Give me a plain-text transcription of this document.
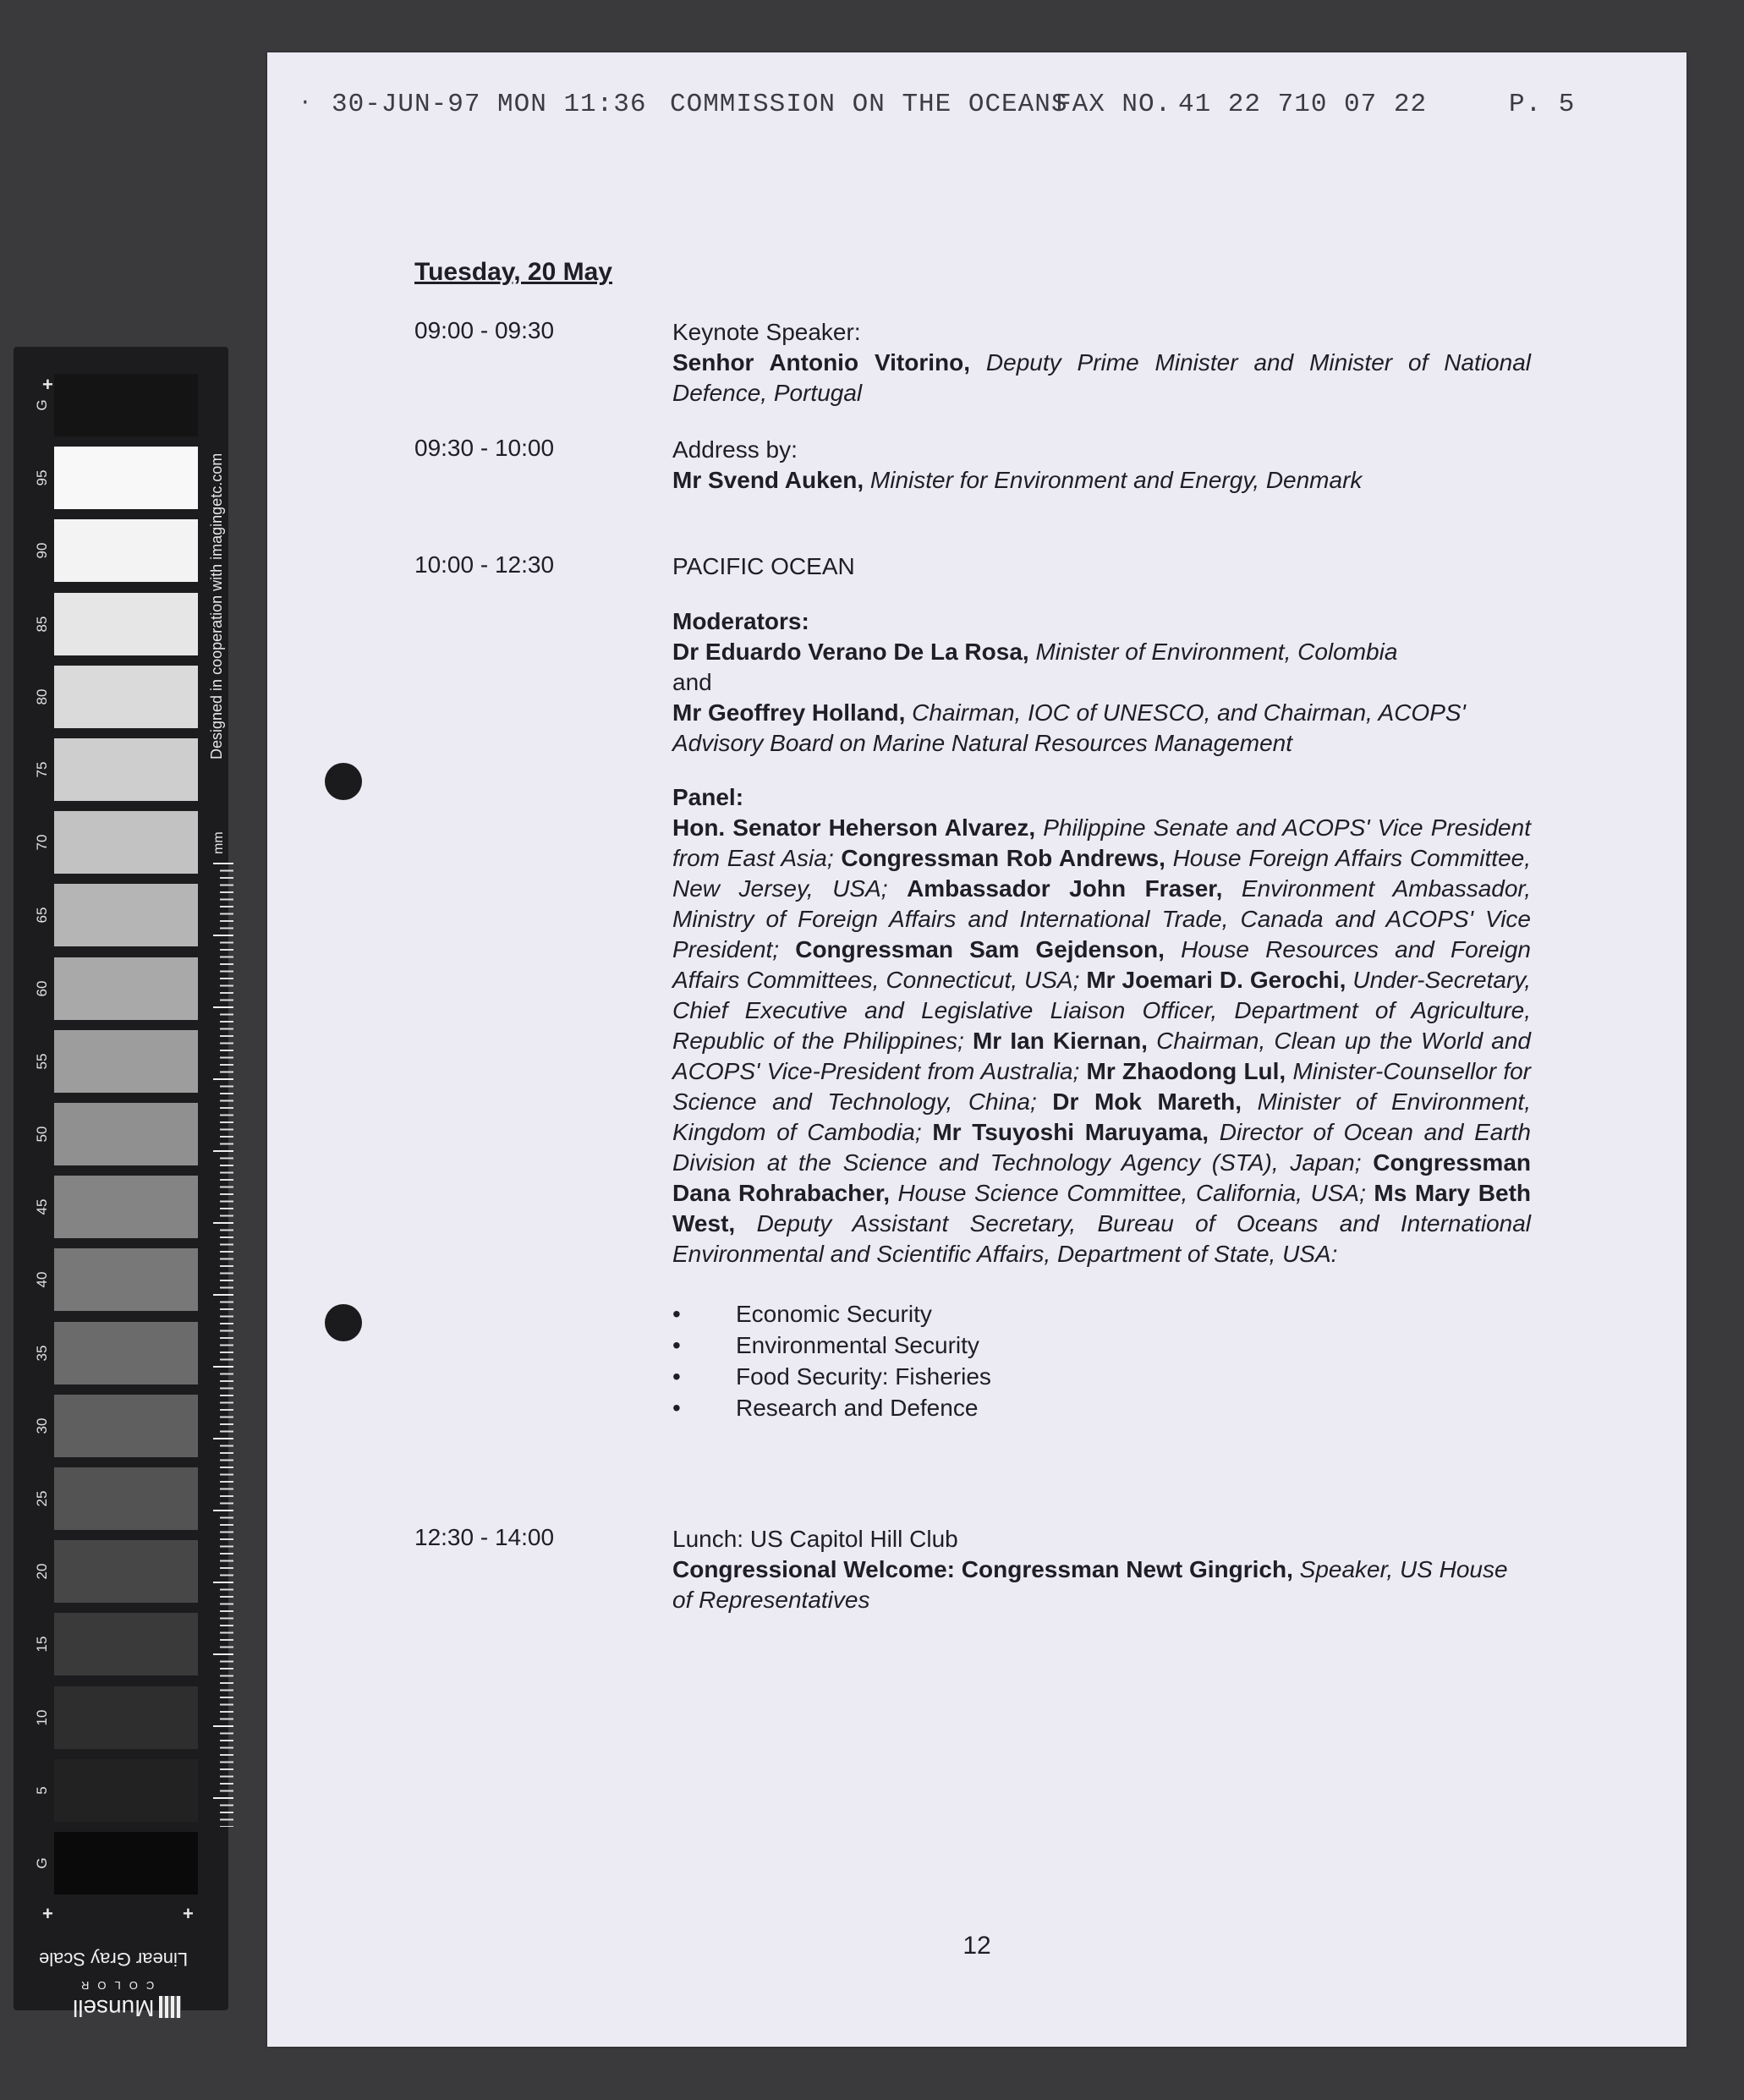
+
+	+
G
95
90
85
80
75
70
65
60
55
50
45
40
35
30
25
20
15
10
5
G
Designed in cooperation with imagingetc.com
mm
Linear Gray Scale
COLOR
Munsell
· 30-JUN-97 MON 11:36 COMMISSION ON THE OCEANS
FAX NO. 41 22 710 07 22	P. 5
Tuesday, 20 May
09:00 - 09:30	Keynote Speaker:
Senhor Antonio Vitorino, Deputy Prime Minister and Minister of National Defence, Portugal
09:30 - 10:00	Address by:
Mr Svend Auken, Minister for Environment and Energy, Denmark
10:00 - 12:30	PACIFIC OCEAN
Moderators:
Dr Eduardo Verano De La Rosa, Minister of Environment, Colombia
and
Mr Geoffrey Holland, Chairman, IOC of UNESCO, and Chairman, ACOPS' Advisory Board on Marine Natural Resources Management
Panel:
Hon. Senator Heherson Alvarez, Philippine Senate and ACOPS' Vice President from East Asia; Congressman Rob Andrews, House Foreign Affairs Committee, New Jersey, USA; Ambassador John Fraser, Environment Ambassador, Ministry of Foreign Affairs and International Trade, Canada and ACOPS' Vice President; Congressman Sam Gejdenson, House Resources and Foreign Affairs Committees, Connecticut, USA; Mr Joemari D. Gerochi, Under-Secretary, Chief Executive and Legislative Liaison Officer, Department of Agriculture, Republic of the Philippines; Mr Ian Kiernan, Chairman, Clean up the World and ACOPS' Vice-President from Australia; Mr Zhaodong Lul, Minister-Counsellor for Science and Technology, China; Dr Mok Mareth, Minister of Environment, Kingdom of Cambodia; Mr Tsuyoshi Maruyama, Director of Ocean and Earth Division at the Science and Technology Agency (STA), Japan; Congressman Dana Rohrabacher, House Science Committee, California, USA; Ms Mary Beth West, Deputy Assistant Secretary, Bureau of Oceans and International Environmental and Scientific Affairs, Department of State, USA:
• Economic Security
• Environmental Security
• Food Security: Fisheries
• Research and Defence
12:30 - 14:00	Lunch: US Capitol Hill Club
Congressional Welcome: Congressman Newt Gingrich, Speaker, US House of Representatives
12
